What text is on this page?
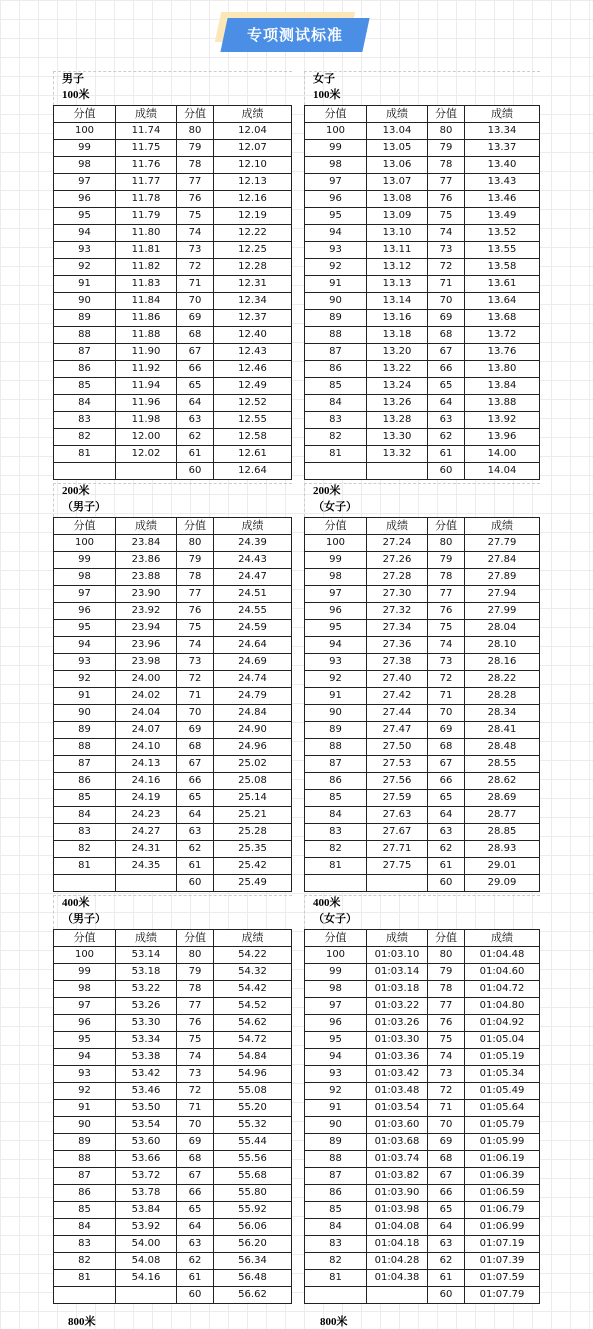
专项测试标准
男子
100米
分值	成绩	分值	成绩
100	11.74	80	12.04
99	11.75	79	12.07
98	11.76	78	12.10
97	11.77	77	12.13
96	11.78	76	12.16
95	11.79	75	12.19
94	11.80	74	12.22
93	11.81	73	12.25
92	11.82	72	12.28
91	11.83	71	12.31
90	11.84	70	12.34
89	11.86	69	12.37
88	11.88	68	12.40
87	11.90	67	12.43
86	11.92	66	12.46
85	11.94	65	12.49
84	11.96	64	12.52
83	11.98	63	12.55
82	12.00	62	12.58
81	12.02	61	12.61
		60	12.64
女子
100米
分值	成绩	分值	成绩
100	13.04	80	13.34
99	13.05	79	13.37
98	13.06	78	13.40
97	13.07	77	13.43
96	13.08	76	13.46
95	13.09	75	13.49
94	13.10	74	13.52
93	13.11	73	13.55
92	13.12	72	13.58
91	13.13	71	13.61
90	13.14	70	13.64
89	13.16	69	13.68
88	13.18	68	13.72
87	13.20	67	13.76
86	13.22	66	13.80
85	13.24	65	13.84
84	13.26	64	13.88
83	13.28	63	13.92
82	13.30	62	13.96
81	13.32	61	14.00
		60	14.04
200米
（男子）
分值	成绩	分值	成绩
100	23.84	80	24.39
99	23.86	79	24.43
98	23.88	78	24.47
97	23.90	77	24.51
96	23.92	76	24.55
95	23.94	75	24.59
94	23.96	74	24.64
93	23.98	73	24.69
92	24.00	72	24.74
91	24.02	71	24.79
90	24.04	70	24.84
89	24.07	69	24.90
88	24.10	68	24.96
87	24.13	67	25.02
86	24.16	66	25.08
85	24.19	65	25.14
84	24.23	64	25.21
83	24.27	63	25.28
82	24.31	62	25.35
81	24.35	61	25.42
		60	25.49
200米
（女子）
分值	成绩	分值	成绩
100	27.24	80	27.79
99	27.26	79	27.84
98	27.28	78	27.89
97	27.30	77	27.94
96	27.32	76	27.99
95	27.34	75	28.04
94	27.36	74	28.10
93	27.38	73	28.16
92	27.40	72	28.22
91	27.42	71	28.28
90	27.44	70	28.34
89	27.47	69	28.41
88	27.50	68	28.48
87	27.53	67	28.55
86	27.56	66	28.62
85	27.59	65	28.69
84	27.63	64	28.77
83	27.67	63	28.85
82	27.71	62	28.93
81	27.75	61	29.01
		60	29.09
400米
（男子）
分值	成绩	分值	成绩
100	53.14	80	54.22
99	53.18	79	54.32
98	53.22	78	54.42
97	53.26	77	54.52
96	53.30	76	54.62
95	53.34	75	54.72
94	53.38	74	54.84
93	53.42	73	54.96
92	53.46	72	55.08
91	53.50	71	55.20
90	53.54	70	55.32
89	53.60	69	55.44
88	53.66	68	55.56
87	53.72	67	55.68
86	53.78	66	55.80
85	53.84	65	55.92
84	53.92	64	56.06
83	54.00	63	56.20
82	54.08	62	56.34
81	54.16	61	56.48
		60	56.62
400米
（女子）
分值	成绩	分值	成绩
100	01:03.10	80	01:04.48
99	01:03.14	79	01:04.60
98	01:03.18	78	01:04.72
97	01:03.22	77	01:04.80
96	01:03.26	76	01:04.92
95	01:03.30	75	01:05.04
94	01:03.36	74	01:05.19
93	01:03.42	73	01:05.34
92	01:03.48	72	01:05.49
91	01:03.54	71	01:05.64
90	01:03.60	70	01:05.79
89	01:03.68	69	01:05.99
88	01:03.74	68	01:06.19
87	01:03.82	67	01:06.39
86	01:03.90	66	01:06.59
85	01:03.98	65	01:06.79
84	01:04.08	64	01:06.99
83	01:04.18	63	01:07.19
82	01:04.28	62	01:07.39
81	01:04.38	61	01:07.59
		60	01:07.79
800米	800米
